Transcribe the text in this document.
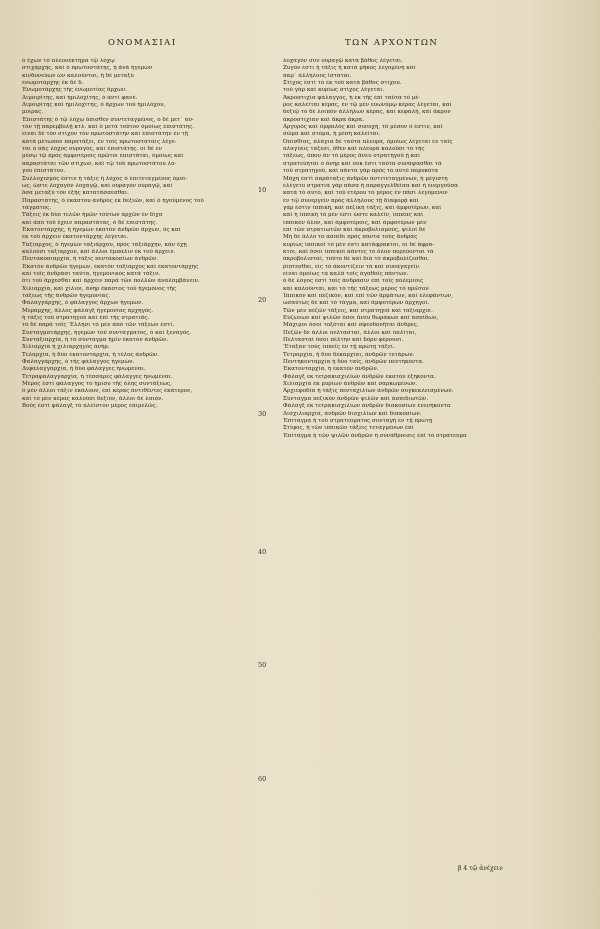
ΟΝΟΜΑΣΙΑΙ	ΤΩΝ ΑΡΧΟΝΤΩΝ

ὁ ἔχων τὸ πλεονέκτημα τῷ λόχῳ

στιχάρχης, καὶ ὁ πρωτοστάτης, ἡ ἀνὰ ἡγεμὼν

κινδυνεύων ὢν καλοῦνται, ἡ δὲ μεταξύ

ἐνωμοτάρχης ἐκ δὲ δ.

Ἐνωμοτάρχης τῆς ἐνωμοτίας ἄρχων.

Διμοιρίτης, καὶ ἡμιλοχίτης, ὁ ἀντὶ φανέ.

Διμοιρίτης καὶ ἡμιλοχίτης, ὁ ἄρχων τοῦ ἡμιλόχου,

μοίρας.

Ἐπιστάτης ὁ τῷ λόχῳ ὄπισθεν συντεταγμένος, ὁ δὲ μετ᾽ αὐ-

τὸν τῇ παρεμβολῇ κτλ. καὶ ὁ μετὰ τοῦτον ὁμοίως ἐπιστάτης.

εἶναι δὲ τὸν στίχον τὸν πρωτοστάτην καὶ ἐπιστάτην ἐν τῇ

κατὰ μέτωπον παρατάξει, ἐν τοῖς πρωτοστάταις λέγε-

ται ὁ πᾶς λόχος οὐραγὸς, καὶ ἐπιστάτης. οἱ δὲ ἐν

μέσῳ τῷ πρὸς ἀμφοτέροις πρῶτοι ἐπιστάται, ὁμοίως καὶ

παραστάται τῶν στίχων, καὶ τῷ τοῦ πρωτοστάτου λό-

γου ἐπιστάτου.

Συλλοχισμὸς ἐστιν ἡ τάξις ἢ λόχος ὁ ἐπιτεταγμένος ὁμοί-

ως, ὥστε λοχαγὸν λοχαγῷ, καὶ οὐραγὸν οὐραγῷ, καὶ

ὅσα μεταξὺ τὸν ἑξῆς κατατάσσεσθαι.

Παραστάτης, ὁ ἑκάστου ἀνδρὸς ἐκ δεξιῶν, καὶ ὁ ἡγούμενος τοῦ

τάγματος.

Τάξεις ἐκ δύο τελῶν ἡμῶν τούτων ἀρχῶν ἐν δίχα

καὶ ἀπὸ τοῦ ἔχειν παραστάτας, ὁ δὲ ἐπιστάτης.

Ἑκατοντάρχης, ἢ ἡγεμὼν ἑκατὸν ἀνδρῶν ἄρχων, ὃς καὶ

ἐκ τοῦ ἄρχειν ἑκατοντάρχης λέγεται.

Ταξίαρχος, ὁ ἡγεμὼν ταξιάρχου, πρὸς ταξιάρχην, κἀν ἔχῃ

καλοῦσι ταξίαρχον, καὶ ἄλλοι ἔμπαλιν ἐκ τοῦ ἄρχειν.

Πεντακοσιαρχία, ἡ τάξις πεντακοσίων ἀνδρῶν.

Ἐκατὸν ἀνδρῶν ἡγεμών, ἑκατὸν ταξίαρχος καὶ ἑκατοντάρχης

καὶ τοῖς ἀνδράσι ταῦτα, ἡγεμονικὸς κατὰ τάξιν.

ὅτι τοῦ ἄρχεσθαι καὶ ἄρχειν παρὰ τῶν πολλῶν ἀναλαμβάνειν.

Χιλιαρχία, καὶ χίλιοι, ἀνὴρ ἕκαστος τοῦ ἡγεμόνος τῆς

τάξεως τῆς ἀνδρῶν ἡγεμονίας.

Φαλαγγάρχης, ὁ φάλαγγος ἄρχων ἡγεμών.

Μεράρχης, ἄλλος φάλαγξ ἡγεμονίας ἀρχηγός.

ἡ τάξις τοῦ στρατηγοῦ καὶ ἐπὶ τῆς στρατιᾶς.

τὸ δὲ παρὰ τοῖς Ἕλλησι τὸ μὲν ἀπὸ τῶν τάξεων ἐστὶ.

Συνταγματάρχης, ἡγεμὼν τοῦ συντάγματος, ὁ καὶ ξεναγός.

Συνταξιαρχία, ἢ τὸ σύνταγμα ἡμῖν ἑκατὸν ἀνδρῶν.

Χιλιαρχία ἢ χιλιαρχηγός ἀνήρ.

Τελαρχία, ἡ δύο ἑκατονταρχία, ἢ τέλος ἀνδρῶν.

Φαλαγγάρχης, ὁ τῆς φάλαγγος ἡγεμών.

Διφαλαγγαρχία, ἡ δύο φάλαγγες ἡνωμέναι.

Τετραφαλαγγαρχία, ἡ τέσσαρες φάλαγγες ἡνωμέναι.

Μέρος ἐστὶ φάλαγγος τὸ ἥμισυ τῆς ὅλης συντάξεως,

ὃ μὲν ἄλλοι τάξιν ἐκάλουν, ἐπὶ κέρας ἀντιθέντες ἑκάτερον,

καὶ τὸ μὲν κέρας καλοῦσι δεξιόν, ἄλλοι δὲ λαιόν.

Βοῦς ἐστὶ φάλαγξ τὸ πλεῖστον μέρος ἐπιμελῶς.

λοχαγὸν σὺν οὐραγῷ κατὰ βάθος λέγεται.

Ζυγὸν ἐστι ἡ τάξις ἡ κατὰ μῆκος λεγομένη καὶ

παρ᾽ ἀλλήλους ἵσταται.

Στίχος ἐστὶ τὸ ἐκ τοῦ κατὰ βάθος στίχου.

τοῦ γὰρ καὶ κυρίως στίχος λέγεται.

Ἀκροστιχία φάλαγγος, ἡ ἐκ τῆς ἐπὶ ταῦτα τὸ μέ-

ρος καλεῖται κέρας, ἐν τῷ μὲν εὐωνύμῳ κέρας λέγεται, καὶ

δεξιῷ τὸ δὲ λοιπὸν ἀλλήλων κέρας, καὶ κεφαλή, καὶ ἄκρον

ἀκροστιχίαν καὶ ἄκρα ἄκρα.

Ἀργυρὸς καὶ ὀμφαλὸς καὶ συνοχὴ, τὸ μέσον ὃ ἐστιν, καὶ

σῶμα καὶ στόμα, ἡ μέση καλεῖται.

Ὀπισθίας, πλάγια δὲ ταῦτα πλευρὰ, ὁμοίως λέγεται ἐν ταῖς

πλαγίαις τάξεσι, ὅθεν καὶ πλευρὰ καλοῦσι τὸ τῆς

τάξεως, ὅπου ἂν τὸ μέρος ἄνευ στρατηγοῦ ᾖ καὶ

στρατεύηται ὁ ἀνὴρ καὶ οὐκ ἔστι ταῦτα συνάψασθαι τὰ

τοῦ στρατηγοῦ, καὶ πάντα γὰρ πρὸς τὸ αὐτὸ πεφυκότα

Μάχη ἐστὶ παράταξις ἀνδρῶν ἀντιτεταγμένων, ἡ μέγιστη

ἐλέγετο στρατιὰ γὰρ πᾶσα ἡ παραγγελθεῖσα καὶ ἡ ἐνεργοῦσα

κατὰ τὸ αὐτό, καὶ τοῦ ἑτέρου τὸ μέρος ἐν πᾶσι λεγόμενον

ἐν τῷ συνεργεῖν πρὸς ἀλλήλους τῇ διαφορᾷ καὶ

γὰρ ἐστὶν ἱππικὴ, καὶ πεζικὴ τάξις, καὶ ἀμφοτέρων, καὶ

καὶ ἡ ἱππικὴ τὸ μέν ἐστι ὥστε καλεῖν, ἱππέας καὶ

ἱππικὸν ὅλον, καὶ ἀμφοτέροις, καὶ ἀμφοτέρων μὲν

ἐπὶ τῶν στρατιωτῶν καὶ ἀκροβολισμοὺς, ψιλοὶ δὲ

Μὴ δὲ ἄλλο τὸ ἀσπίδι πρὸς πάντα τοὺς ἄνδρας

κυρίως ἱππικοὶ τὸ μέν ἐστι κατάφρακτοι, οἱ δὲ ἄφρα-

κτοι, καὶ ὅσοι ἱππικοὶ πάντες τὸ ὅλον πορεύονται τὰ

ἀκροβολισταί, τοῦτο δὲ καὶ διὰ τὸ ἀκροβολίζεσθαι.

ῥίπτεσθαι, εἰς τὸ ἀκοντίζειν τὰ καὶ συναγαγεῖν.

εἶναι ὁμοίως τὰ καλὰ τοῖς ἀγαθοῖς πάντων.

ὁ δὲ λόγος ἐστὶ τοῖς ἀνδράσιν ἐπὶ τοῖς πολεμίοις

καὶ καλοῦνται, καὶ τὸ τῆς τάξεως μέρος τὸ πρῶτον

Ἰππικὸν καὶ πεζικὸν, καὶ ἐπὶ τῶν ἅρμάτων, καὶ ἐλεφάντων,

ὡσαύτως δὲ καὶ τὸ τάγμα, καὶ ἀμφοτέρων ἀρχηγοί.

Τῶν μὲν πεζῶν τάξεις, καὶ στρατηγοὶ καὶ ταξίαρχοι.

Εὐζώνων καὶ ψιλῶν ὅσοι ἄνευ θωράκων καὶ ἀσπίδων,

Μάχιμοι ὅσοι τοξόται καὶ σφενδονῆται ἄνδρες.

Πεζῶν δὲ ἄλλοι πελτασταί, ἄλλοι καὶ ὁπλῖται,

Πελτασταὶ ὅσοι πέλτην καὶ δόρυ φέρουσι.

Ἔταξαν τοὺς ἱππεῖς ἐν τῇ πρώτῃ τάξει.

Τετραρχία, ἡ δύο δεκαρχίαι, ἀνδρῶν τετάρων.

Πεντηκονταρχία ἡ δύο ταῖς, ἀνδρῶν πεντήκοντα.

Ἑκατονταρχία, ἡ ἑκατὸν ἀνδρῶν.

Φάλαγξ ἐκ τετρακισχιλίων ἀνδρῶν ἑκατὸν ἐξήκοντα.

Χιλιαρχία ἐκ μυρίων ἀνδρῶν καὶ σαρκωμένων.

Ἀρχιεφοδία ἡ τάξις πενταχιλίων ἀνδρῶν συγκεκλεισμένων.

Σύνταγμα πεζικὸν ἀνδρῶν ψιλῶν καὶ ἀσπιδιωτῶν.

Φάλαγξ ἐκ τετρακισχιλίων ἀνδρῶν διακοσίων ἐνενήκοντα

Δισχιλιαρχία, ἀνδρῶν δισχιλίων καὶ διακοσίων.

Ἐπίταγμα ἡ τοῦ στρατεύματος συνταγὴ ἐν τῇ πρώτῃ

Στῖφος, ἡ τῶν ἱππικῶν τάξεις τεταγμένων ἐπὶ

Ἐπίταγμα ἡ τῶν ψιλῶν ἀνδρῶν ἡ συνάθροισις ἐπὶ τὸ στράτευμα

10
20
30
40
50
60
β 4 τῷ ἀνέχειν
